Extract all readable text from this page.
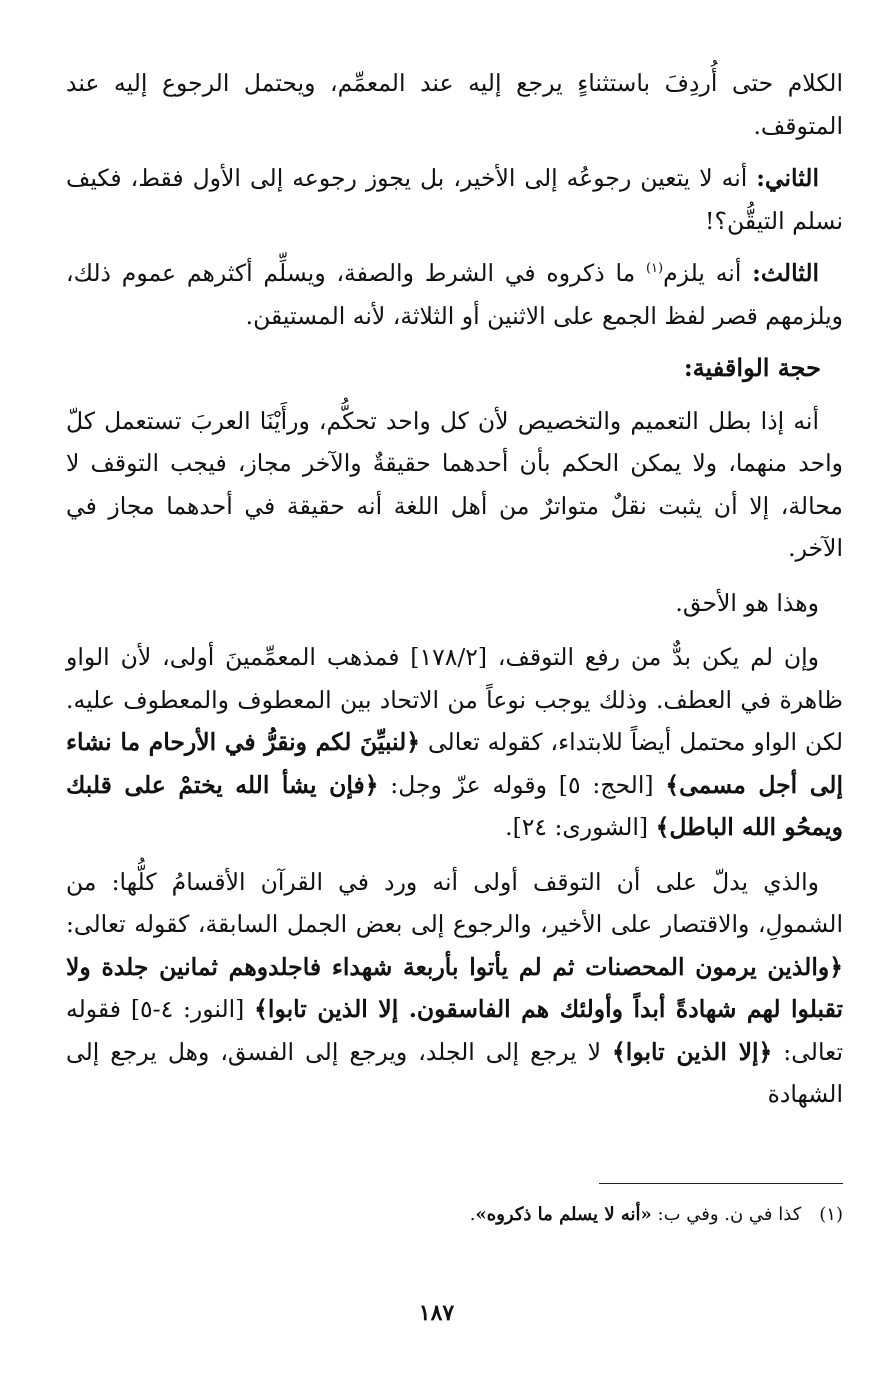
الكلام حتى أُردِفَ باستثناءٍ يرجع إليه عند المعمِّم، ويحتمل الرجوع إليه عند المتوقف.

الثاني: أنه لا يتعين رجوعُه إلى الأخير، بل يجوز رجوعه إلى الأول فقط، فكيف نسلم التيقُّن؟!

الثالث: أنه يلزم$^{(١)}$ ما ذكروه في الشرط والصفة، ويسلِّم أكثرهم عموم ذلك، ويلزمهم قصر لفظ الجمع على الاثنين أو الثلاثة، لأنه المستيقن.

حجة الواقفية:

أنه إذا بطل التعميم والتخصيص لأن كل واحد تحكُّم، ورأَيْنَا العربَ تستعمل كلّ واحد منهما، ولا يمكن الحكم بأن أحدهما حقيقةٌ والآخر مجاز، فيجب التوقف لا محالة، إلا أن يثبت نقلٌ متواترٌ من أهل اللغة أنه حقيقة في أحدهما مجاز في الآخر.

وهذا هو الأحق.

وإن لم يكن بدٌّ من رفع التوقف، [١٧٨/٢] فمذهب المعمِّمينَ أولى، لأن الواو ظاهرة في العطف. وذلك يوجب نوعاً من الاتحاد بين المعطوف والمعطوف عليه. لكن الواو محتمل أيضاً للابتداء، كقوله تعالى ﴿لنبيِّنَ لكم ونقرُّ في الأرحام ما نشاء إلى أجل مسمى﴾ [الحج: ٥] وقوله عزّ وجل: ﴿فإن يشأ الله يختمْ على قلبك ويمحُو الله الباطل﴾ [الشورى: ٢٤].

والذي يدلّ على أن التوقف أولى أنه ورد في القرآن الأقسامُ كلُّها: من الشمولِ، والاقتصار على الأخير، والرجوع إلى بعض الجمل السابقة، كقوله تعالى: ﴿والذين يرمون المحصنات ثم لم يأتوا بأربعة شهداء فاجلدوهم ثمانين جلدة ولا تقبلوا لهم شهادةً أبداً وأولئك هم الفاسقون. إلا الذين تابوا﴾ [النور: ٤-٥] فقوله تعالى: ﴿إلا الذين تابوا﴾ لا يرجع إلى الجلد، ويرجع إلى الفسق، وهل يرجع إلى الشهادة

(١)كذا في ن. وفي ب: «أنه لا يسلم ما ذكروه».
١٨٧
